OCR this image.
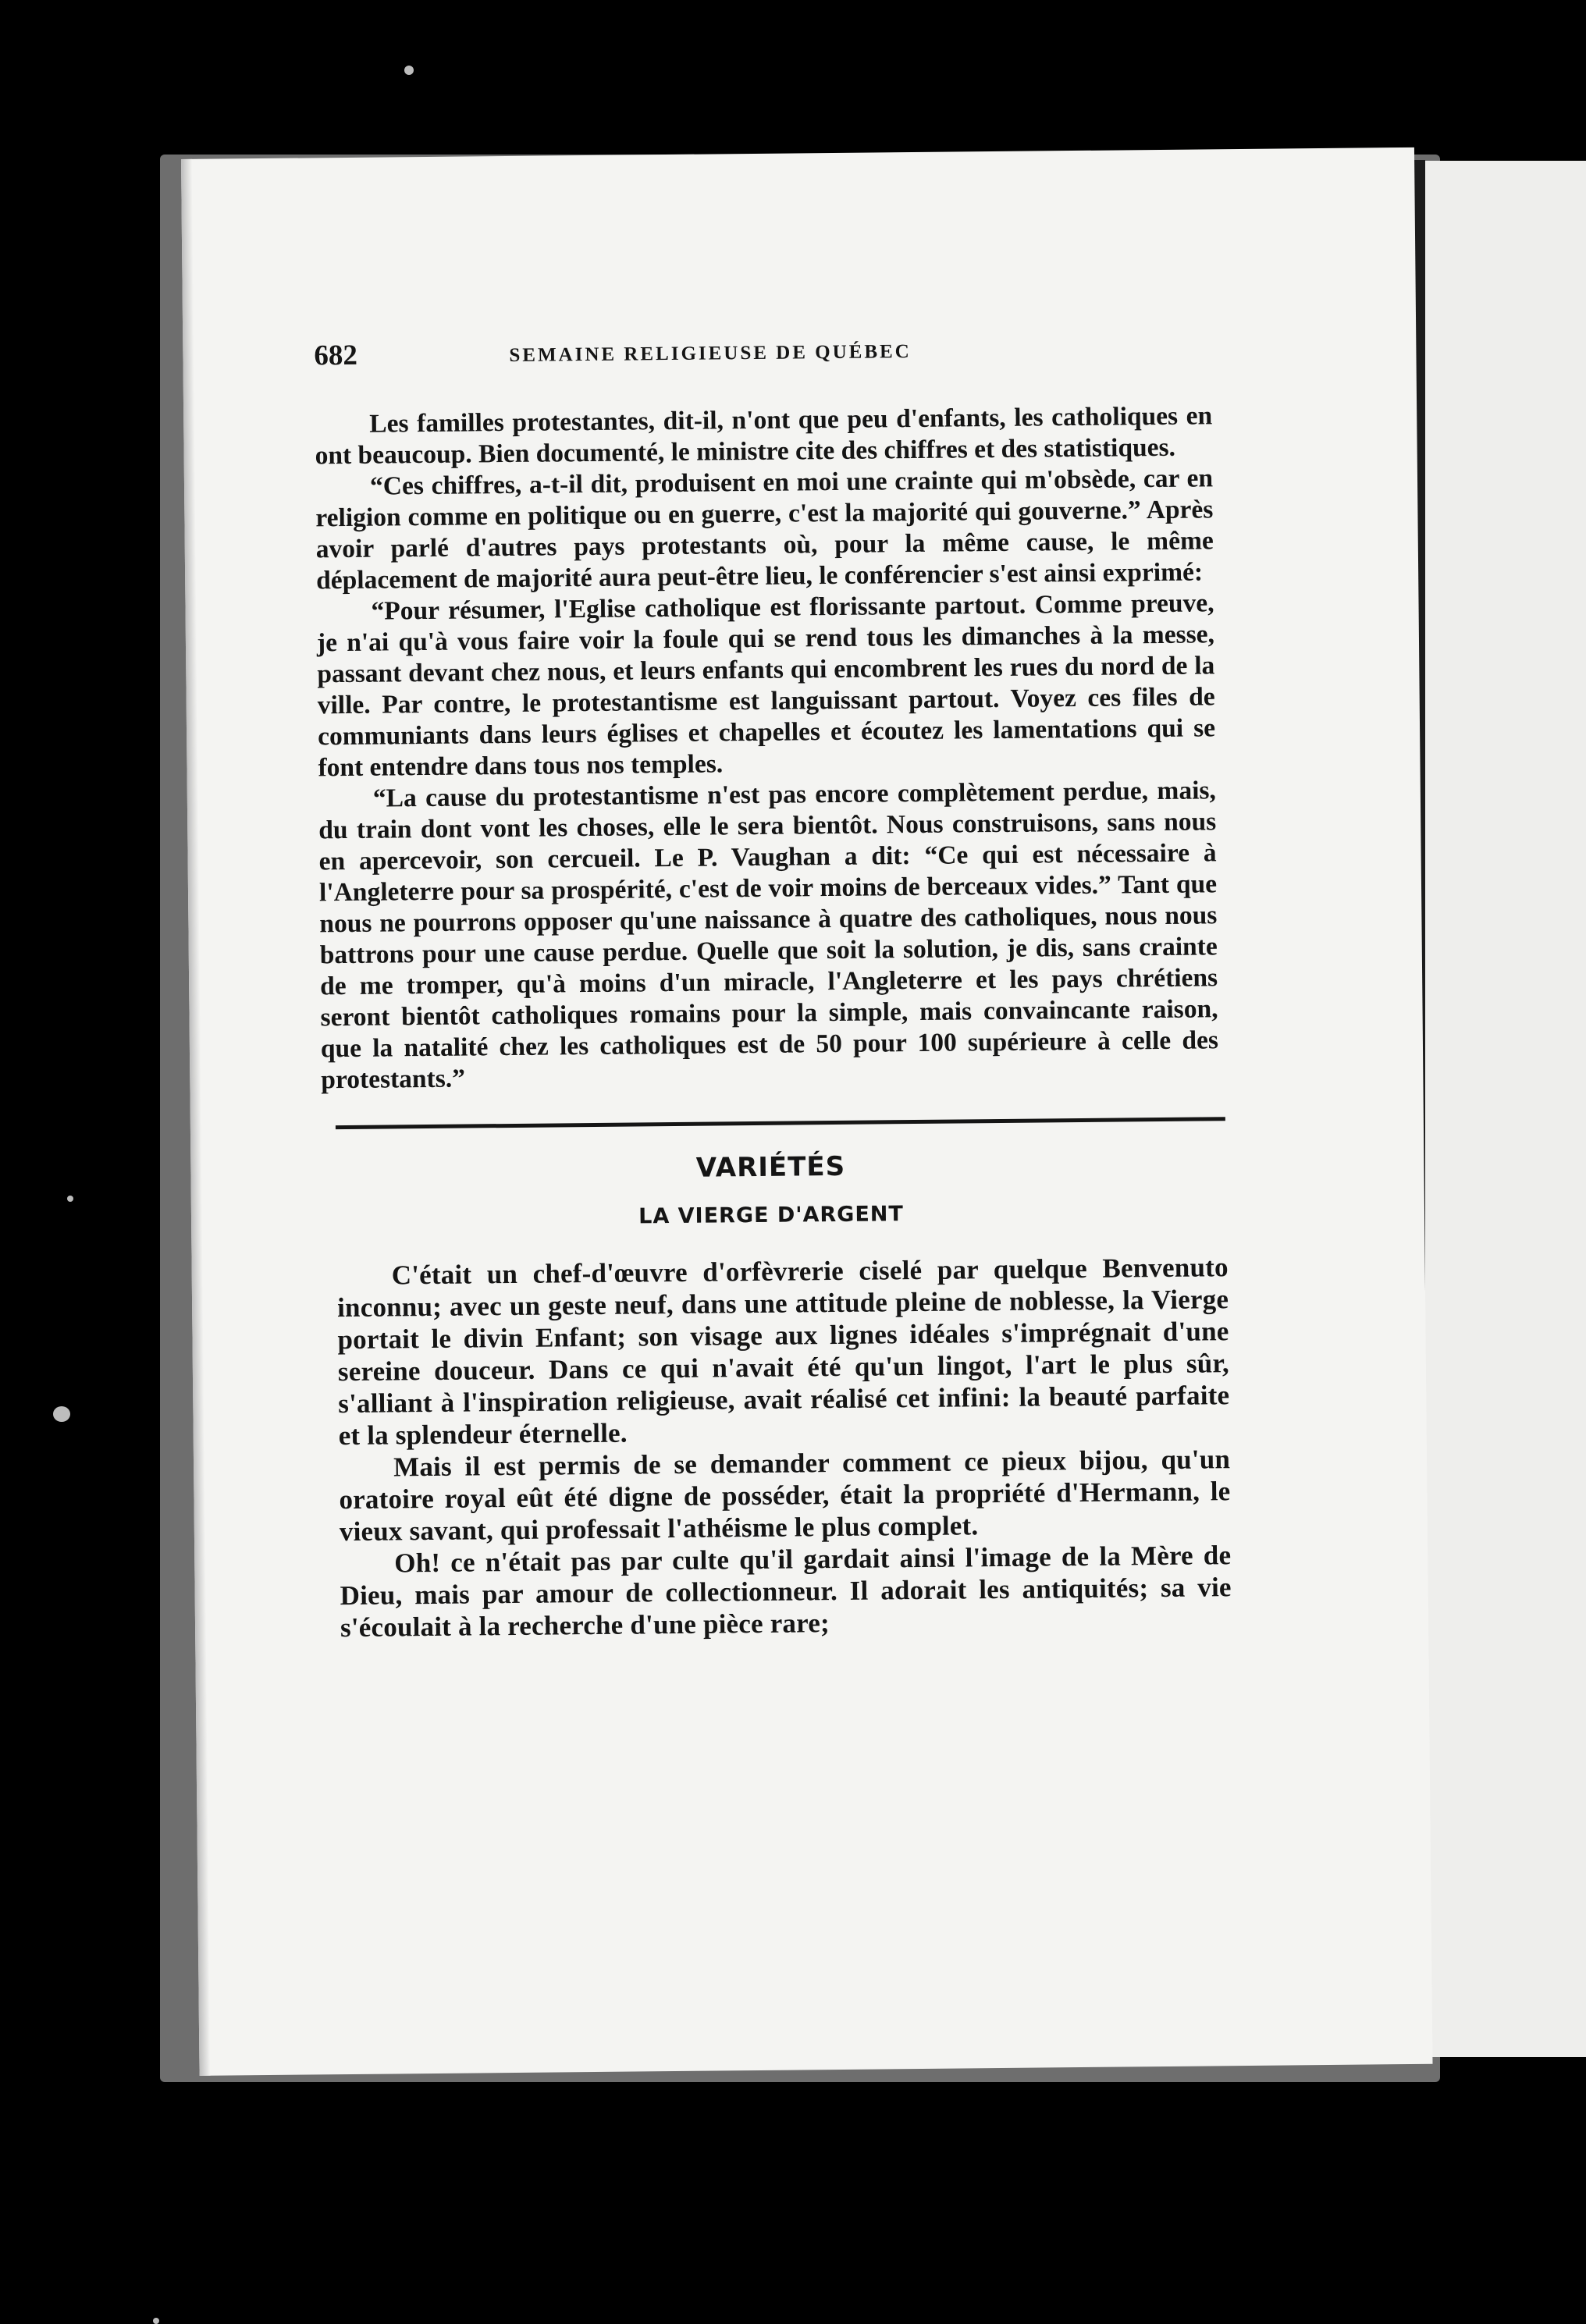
682	SEMAINE RELIGIEUSE DE QUÉBEC

Les familles protestantes, dit-il, n'ont que peu d'enfants, les catholiques en ont beaucoup. Bien documenté, le ministre cite des chiffres et des statistiques.

“Ces chiffres, a-t-il dit, produisent en moi une crainte qui m'obsède, car en religion comme en politique ou en guerre, c'est la majorité qui gouverne.” Après avoir parlé d'autres pays protestants où, pour la même cause, le même déplacement de majorité aura peut-être lieu, le conférencier s'est ainsi exprimé:

“Pour résumer, l'Eglise catholique est florissante partout. Comme preuve, je n'ai qu'à vous faire voir la foule qui se rend tous les dimanches à la messe, passant devant chez nous, et leurs enfants qui encombrent les rues du nord de la ville. Par contre, le protestantisme est languissant partout. Voyez ces files de communiants dans leurs églises et chapelles et écoutez les lamentations qui se font entendre dans tous nos temples.

“La cause du protestantisme n'est pas encore complètement perdue, mais, du train dont vont les choses, elle le sera bientôt. Nous construisons, sans nous en apercevoir, son cercueil. Le P. Vaughan a dit: “Ce qui est nécessaire à l'Angleterre pour sa prospérité, c'est de voir moins de berceaux vides.” Tant que nous ne pourrons opposer qu'une naissance à quatre des catholiques, nous nous battrons pour une cause perdue. Quelle que soit la solution, je dis, sans crainte de me tromper, qu'à moins d'un miracle, l'Angleterre et les pays chrétiens seront bientôt catholiques romains pour la simple, mais convaincante raison, que la natalité chez les catholiques est de 50 pour 100 supérieure à celle des protestants.”

VARIÉTÉS
LA VIERGE D'ARGENT

C'était un chef-d'œuvre d'orfèvrerie ciselé par quelque Benvenuto inconnu; avec un geste neuf, dans une attitude pleine de noblesse, la Vierge portait le divin Enfant; son visage aux lignes idéales s'imprégnait d'une sereine douceur. Dans ce qui n'avait été qu'un lingot, l'art le plus sûr, s'alliant à l'inspiration religieuse, avait réalisé cet infini: la beauté parfaite et la splendeur éternelle.

Mais il est permis de se demander comment ce pieux bijou, qu'un oratoire royal eût été digne de posséder, était la propriété d'Hermann, le vieux savant, qui professait l'athéisme le plus complet.

Oh! ce n'était pas par culte qu'il gardait ainsi l'image de la Mère de Dieu, mais par amour de collectionneur. Il adorait les antiquités; sa vie s'écoulait à la recherche d'une pièce rare;
